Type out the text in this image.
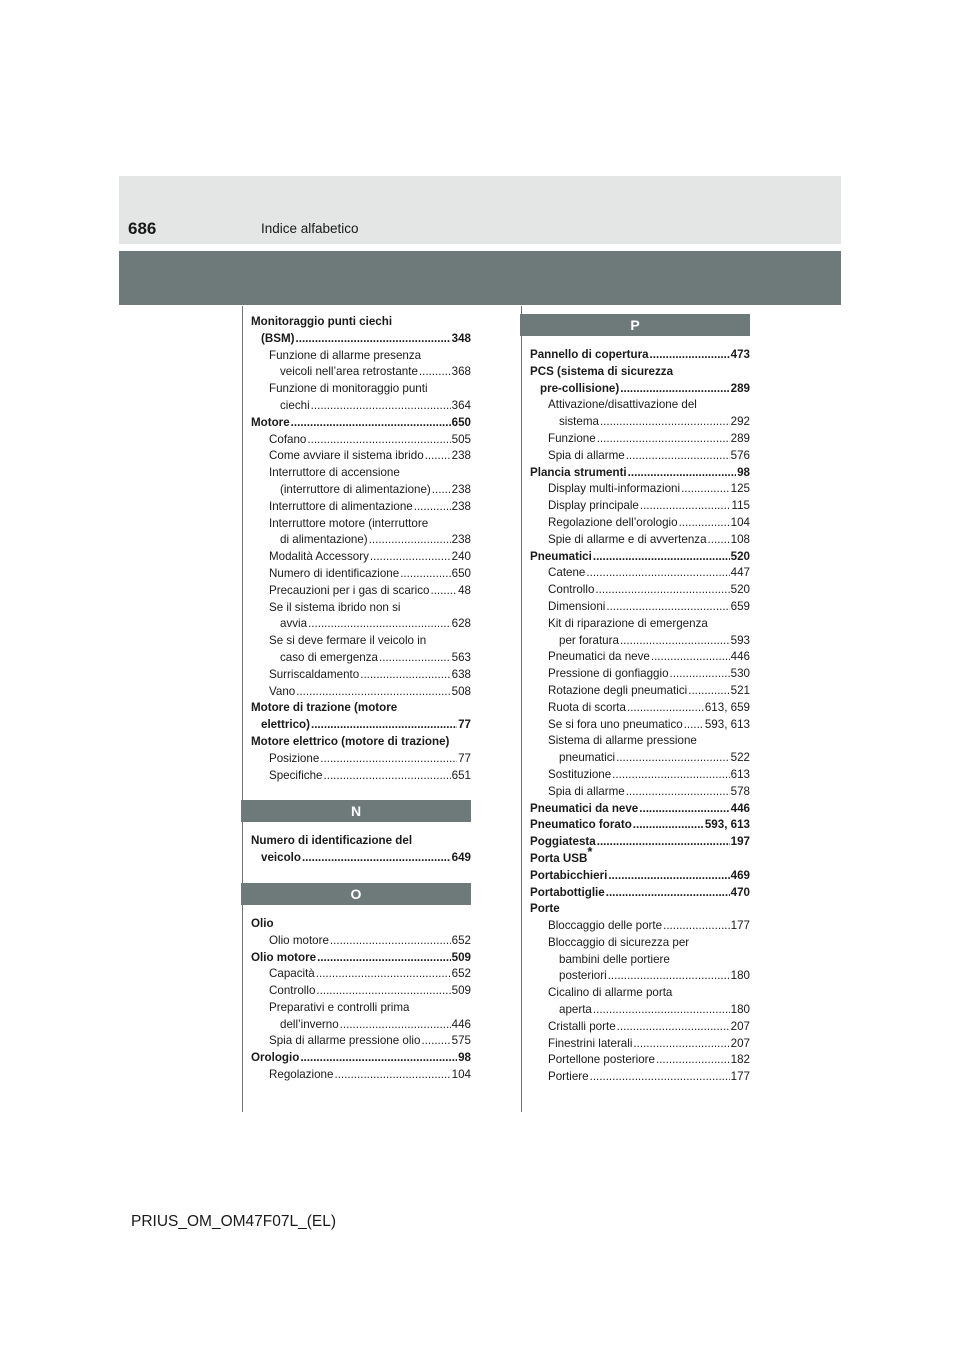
686	Indice alfabetico
Monitoraggio punti ciechi
(BSM) .....	348
Funzione di allarme presenza
veicoli nell’area retrostante .....	368
Funzione di monitoraggio punti
ciechi .....	364
Motore .....	650
Cofano .....	505
Come avviare il sistema ibrido ..... 238
Interruttore di accensione
(interruttore di alimentazione) ..... 238
Interruttore di alimentazione .....	238
Interruttore motore (interruttore
di alimentazione) .....	238
Modalità Accessory .....	240
Numero di identificazione .....	650
Precauzioni per i gas di scarico ..... 48
Se il sistema ibrido non si
avvia .....	628
Se si deve fermare il veicolo in
caso di emergenza .....	563
Surriscaldamento .....	638
Vano .....	508
Motore di trazione (motore
elettrico) .....	77
Motore elettrico (motore di trazione)
Posizione .....	77
Specifiche .....	651
N
Numero di identificazione del
veicolo .....	649
O
Olio
Olio motore .....	652
Olio motore .....	509
Capacità .....	652
Controllo .....	509
Preparativi e controlli prima
dell’inverno .....	446
Spia di allarme pressione olio .....	575
Orologio .....	98
Regolazione .....	104
P
Pannello di copertura .....	473
PCS (sistema di sicurezza
pre-collisione) .....	289
Attivazione/disattivazione del
sistema .....	292
Funzione .....	289
Spia di allarme .....	576
Plancia strumenti .....	98
Display multi-informazioni .....	125
Display principale .....	115
Regolazione dell’orologio .....	104
Spie di allarme e di avvertenza ..... 108
Pneumatici .....	520
Catene .....	447
Controllo .....	520
Dimensioni .....	659
Kit di riparazione di emergenza
per foratura .....	593
Pneumatici da neve .....	446
Pressione di gonfiaggio .....	530
Rotazione degli pneumatici .....	521
Ruota di scorta .....	613, 659
Se si fora uno pneumatico ..... 593, 613
Sistema di allarme pressione
pneumatici .....	522
Sostituzione .....	613
Spia di allarme .....	578
Pneumatici da neve .....	446
Pneumatico forato .....	593, 613
Poggiatesta .....	197
Porta USB*
Portabicchieri .....	469
Portabottiglie .....	470
Porte
Bloccaggio delle porte .....	177
Bloccaggio di sicurezza per
bambini delle portiere
posteriori .....	180
Cicalino di allarme porta
aperta .....	180
Cristalli porte .....	207
Finestrini laterali .....	207
Portellone posteriore .....	182
Portiere .....	177
PRIUS_OM_OM47F07L_(EL)
